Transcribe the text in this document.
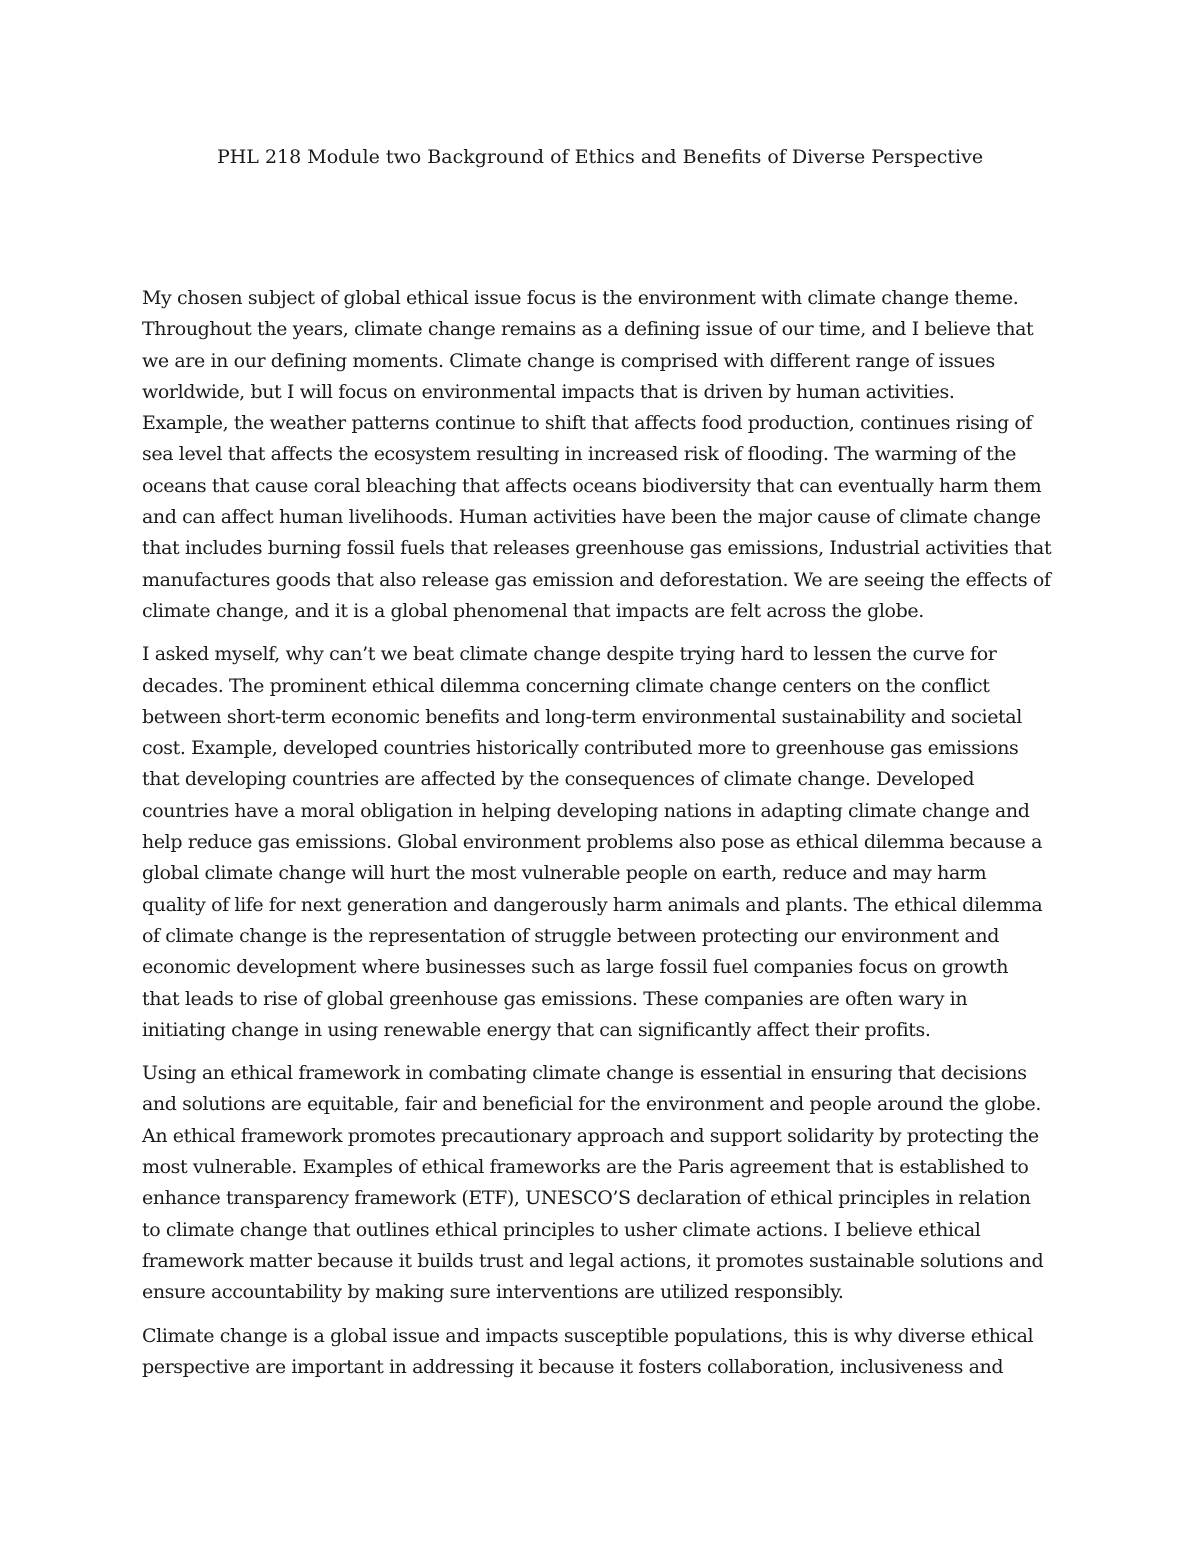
PHL 218 Module two Background of Ethics and Benefits of Diverse Perspective

My chosen subject of global ethical issue focus is the environment with climate change theme.
Throughout the years, climate change remains as a defining issue of our time, and I believe that
we are in our defining moments. Climate change is comprised with different range of issues
worldwide, but I will focus on environmental impacts that is driven by human activities.
Example, the weather patterns continue to shift that affects food production, continues rising of
sea level that affects the ecosystem resulting in increased risk of flooding. The warming of the
oceans that cause coral bleaching that affects oceans biodiversity that can eventually harm them
and can affect human livelihoods. Human activities have been the major cause of climate change
that includes burning fossil fuels that releases greenhouse gas emissions, Industrial activities that
manufactures goods that also release gas emission and deforestation. We are seeing the effects of
climate change, and it is a global phenomenal that impacts are felt across the globe.

I asked myself, why can’t we beat climate change despite trying hard to lessen the curve for
decades. The prominent ethical dilemma concerning climate change centers on the conflict
between short-term economic benefits and long-term environmental sustainability and societal
cost. Example, developed countries historically contributed more to greenhouse gas emissions
that developing countries are affected by the consequences of climate change. Developed
countries have a moral obligation in helping developing nations in adapting climate change and
help reduce gas emissions. Global environment problems also pose as ethical dilemma because a
global climate change will hurt the most vulnerable people on earth, reduce and may harm
quality of life for next generation and dangerously harm animals and plants. The ethical dilemma
of climate change is the representation of struggle between protecting our environment and
economic development where businesses such as large fossil fuel companies focus on growth
that leads to rise of global greenhouse gas emissions. These companies are often wary in
initiating change in using renewable energy that can significantly affect their profits.

Using an ethical framework in combating climate change is essential in ensuring that decisions
and solutions are equitable, fair and beneficial for the environment and people around the globe.
An ethical framework promotes precautionary approach and support solidarity by protecting the
most vulnerable. Examples of ethical frameworks are the Paris agreement that is established to
enhance transparency framework (ETF), UNESCO’S declaration of ethical principles in relation
to climate change that outlines ethical principles to usher climate actions. I believe ethical
framework matter because it builds trust and legal actions, it promotes sustainable solutions and
ensure accountability by making sure interventions are utilized responsibly.

Climate change is a global issue and impacts susceptible populations, this is why diverse ethical
perspective are important in addressing it because it fosters collaboration, inclusiveness and
